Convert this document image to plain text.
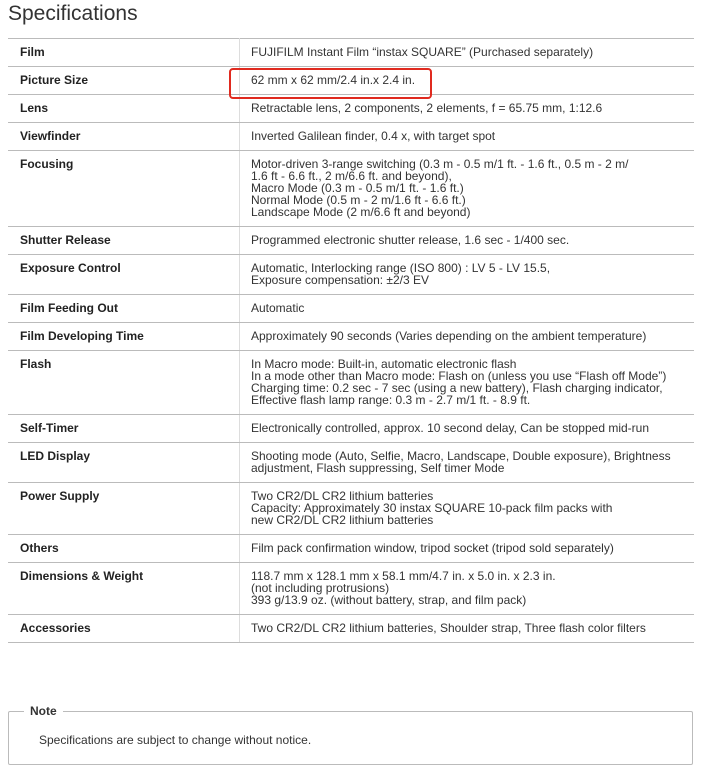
Specifications
Film	FUJIFILM Instant Film “instax SQUARE” (Purchased separately)

Picture Size	62 mm x 62 mm/2.4 in.x 2.4 in.

Lens	Retractable lens, 2 components, 2 elements, f = 65.75 mm, 1:12.6

Viewfinder	Inverted Galilean finder, 0.4 x, with target spot

Focusing	Motor-driven 3-range switching (0.3 m - 0.5 m/1 ft. - 1.6 ft., 0.5 m - 2 m/
1.6 ft - 6.6 ft., 2 m/6.6 ft. and beyond),
Macro Mode (0.3 m - 0.5 m/1 ft. - 1.6 ft.)
Normal Mode (0.5 m - 2 m/1.6 ft - 6.6 ft.)
Landscape Mode (2 m/6.6 ft and beyond)

Shutter Release	Programmed electronic shutter release, 1.6 sec - 1/400 sec.

Exposure Control	Automatic, Interlocking range (ISO 800) : LV 5 - LV 15.5,
Exposure compensation: ±2/3 EV

Film Feeding Out	Automatic

Film Developing Time	Approximately 90 seconds (Varies depending on the ambient temperature)

Flash	In Macro mode: Built-in, automatic electronic flash
In a mode other than Macro mode: Flash on (unless you use “Flash off Mode”)
Charging time: 0.2 sec - 7 sec (using a new battery), Flash charging indicator,
Effective flash lamp range: 0.3 m - 2.7 m/1 ft. - 8.9 ft.

Self-Timer	Electronically controlled, approx. 10 second delay, Can be stopped mid-run

LED Display	Shooting mode (Auto, Selfie, Macro, Landscape, Double exposure), Brightness
adjustment, Flash suppressing, Self timer Mode

Power Supply	Two CR2/DL CR2 lithium batteries
Capacity: Approximately 30 instax SQUARE 10-pack film packs with
new CR2/DL CR2 lithium batteries

Others	Film pack confirmation window, tripod socket (tripod sold separately)

Dimensions & Weight	118.7 mm x 128.1 mm x 58.1 mm/4.7 in. x 5.0 in. x 2.3 in.
(not including protrusions)
393 g/13.9 oz. (without battery, strap, and film pack)

Accessories	Two CR2/DL CR2 lithium batteries, Shoulder strap, Three flash color filters
Note
Specifications are subject to change without notice.
